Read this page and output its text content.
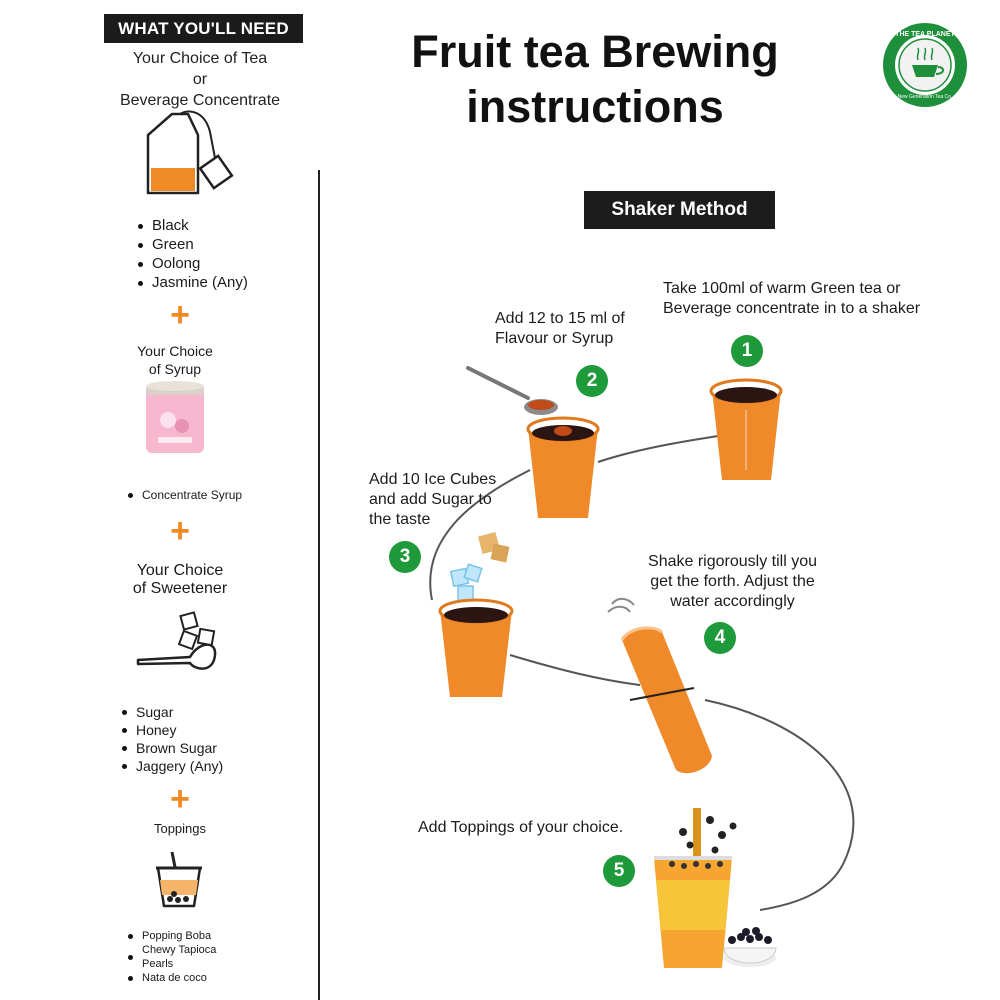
WHAT YOU'LL NEED
Your Choice of Tea
or
Beverage Concentrate
Black
Green
Oolong
Jasmine (Any)
+
Your Choice
of Syrup
Concentrate Syrup
+
Your Choice
of Sweetener
Sugar
Honey
Brown Sugar
Jaggery (Any)
+
Toppings
Popping Boba
Chewy Tapioca Pearls
Nata de coco
Fruit tea Brewing
instructions
THE TEA PLANET
New Generation Tea Co.
Shaker Method
Take 100ml of warm Green tea or Beverage concentrate in to a shaker
1
Add 12 to 15 ml of Flavour or Syrup
2
Add 10 Ice Cubes and add Sugar to the taste
3	Shake rigorously till you get the forth. Adjust the water accordingly
4
Add Toppings of your choice.
5
